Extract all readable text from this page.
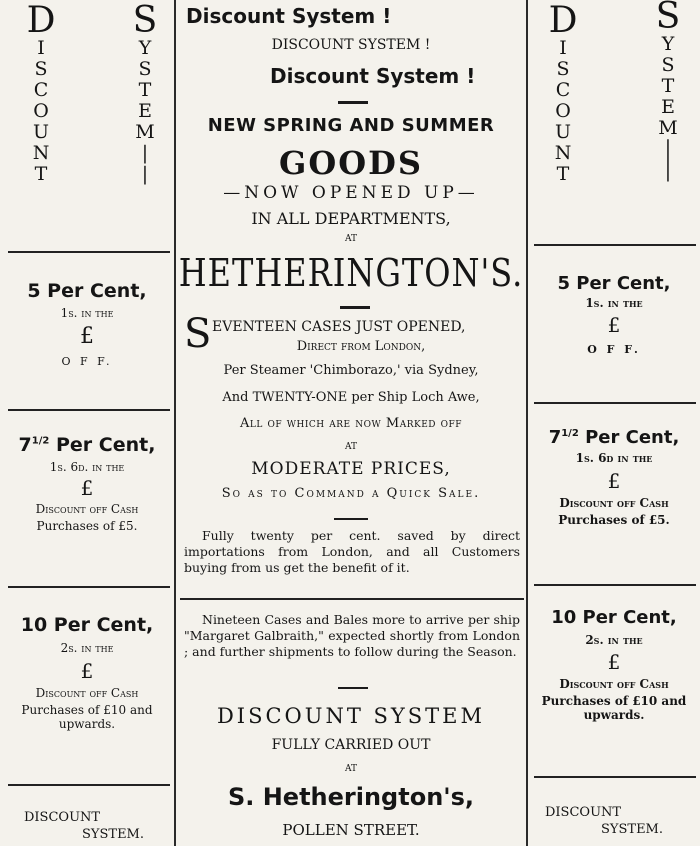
D
I
S
C
O
U
N
T
S
Y
S
T
E
M
|
|
5 Per Cent,
1s. in the
£
O F F.
$7^{1/2}$ Per Cent,
1s. 6d. in the
£
Discount off Cash
Purchases of £5.
10 Per Cent,
2s. in the
£
Discount off Cash
Purchases of £10 and
upwards.
DISCOUNT
SYSTEM.
Discount System !
DISCOUNT SYSTEM !
Discount System !
NEW SPRING AND SUMMER
GOODS
—NOW OPENED UP—
IN ALL DEPARTMENTS,
AT
HETHERINGTON'S.
S EVENTEEN CASES JUST OPENED,
Direct from London,
Per Steamer 'Chimborazo,' via Sydney,
And TWENTY-ONE per Ship Loch Awe,
All of which are now Marked off
AT
MODERATE PRICES,
So as to Command a Quick Sale.
Fully twenty per cent. saved by direct importations from London, and all Customers buying from us get the benefit of it.
Nineteen Cases and Bales more to arrive per ship "Margaret Galbraith," expected shortly from London ; and further shipments to follow during the Season.
DISCOUNT SYSTEM
FULLY CARRIED OUT
AT
S. Hetherington's,
POLLEN STREET.
D
I
S
C
O
U
N
T
S
Y
S
T
E
M
|
5 Per Cent,
1s. in the
£
O F F.
$7^{1/2}$ Per Cent,
1s. 6d in the
£
Discount off Cash
Purchases of £5.
10 Per Cent,
2s. in the
£
Discount off Cash
Purchases of £10 and
upwards.
DISCOUNT
SYSTEM.
